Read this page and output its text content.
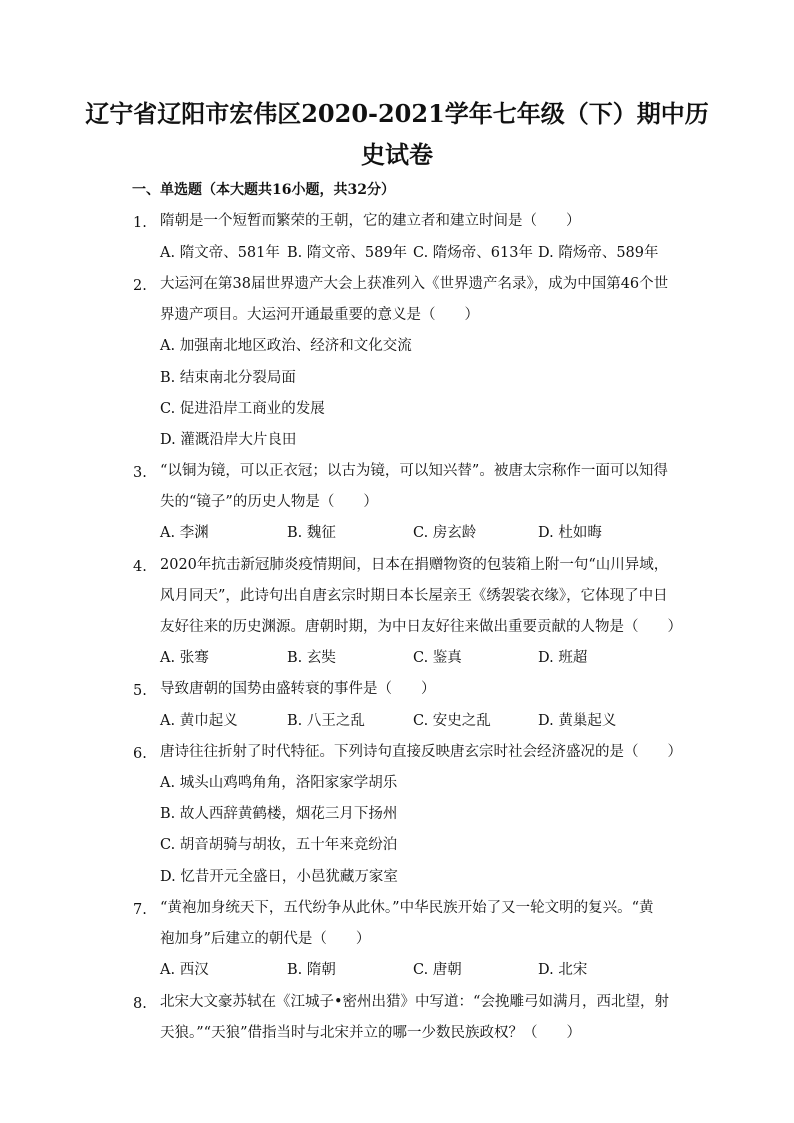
辽宁省辽阳市宏伟区2020-2021学年七年级（下）期中历
史试卷
一、单选题（本大题共16小题，共32分）
1. 隋朝是一个短暂而繁荣的王朝，它的建立者和建立时间是（　　）
A. 隋文帝、581年 B. 隋文帝、589年 C. 隋炀帝、613年 D. 隋炀帝、589年
2. 大运河在第38届世界遗产大会上获准列入《世界遗产名录》，成为中国第46个世
界遗产项目。大运河开通最重要的意义是（　　）
A. 加强南北地区政治、经济和文化交流
B. 结束南北分裂局面
C. 促进沿岸工商业的发展
D. 灌溉沿岸大片良田
3. “以铜为镜，可以正衣冠；以古为镜，可以知兴替”。被唐太宗称作一面可以知得
失的“镜子”的历史人物是（　　）
A. 李渊	B. 魏征	C. 房玄龄	D. 杜如晦
4. 2020年抗击新冠肺炎疫情期间，日本在捐赠物资的包装箱上附一句“山川异域，
风月同天”，此诗句出自唐玄宗时期日本长屋亲王《绣袈裟衣缘》，它体现了中日
友好往来的历史渊源。唐朝时期，为中日友好往来做出重要贡献的人物是（　　）
A. 张骞	B. 玄奘	C. 鉴真	D. 班超
5. 导致唐朝的国势由盛转衰的事件是（　　）
A. 黄巾起义	B. 八王之乱	C. 安史之乱	D. 黄巢起义
6. 唐诗往往折射了时代特征。下列诗句直接反映唐玄宗时社会经济盛况的是（　　）
A. 城头山鸡鸣角角，洛阳家家学胡乐
B. 故人西辞黄鹤楼，烟花三月下扬州
C. 胡音胡骑与胡妆，五十年来竞纷泊
D. 忆昔开元全盛日，小邑犹藏万家室
7. “黄袍加身统天下，五代纷争从此休。”中华民族开始了又一轮文明的复兴。“黄
袍加身”后建立的朝代是（　　）
A. 西汉	B. 隋朝	C. 唐朝	D. 北宋
8. 北宋大文豪苏轼在《江城子•密州出猎》中写道：“会挽雕弓如满月，西北望，射
天狼。”“天狼”借指当时与北宋并立的哪一少数民族政权？（　　）
